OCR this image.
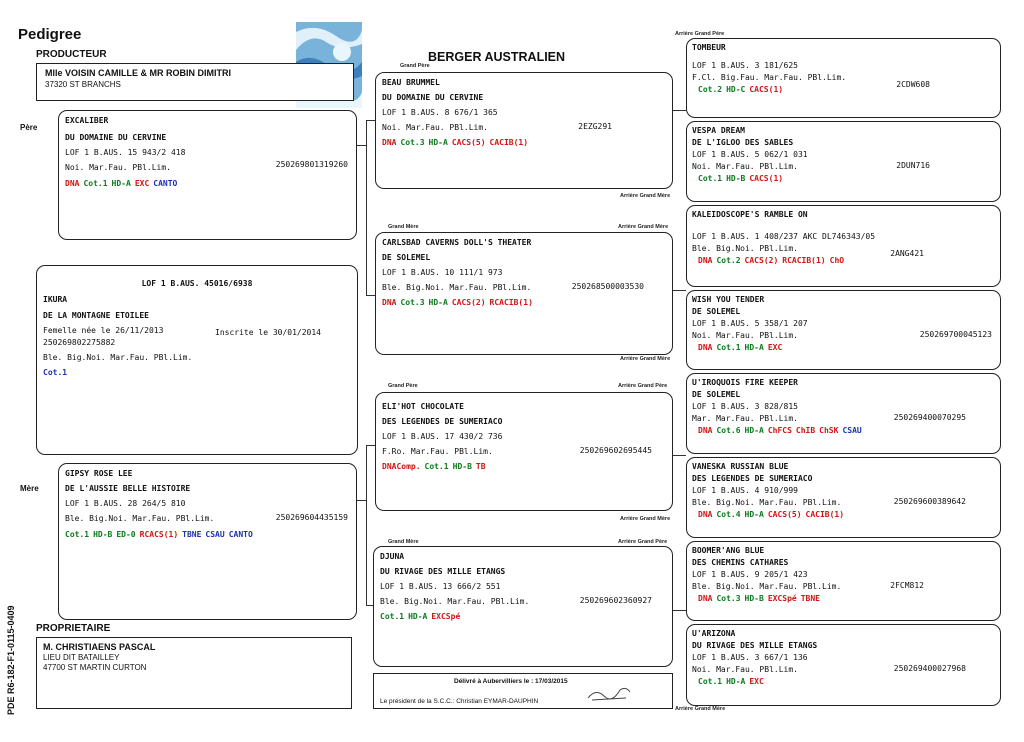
Pedigree
PRODUCTEUR	BERGER AUSTRALIEN
Mlle VOISIN CAMILLE & MR ROBIN DIMITRI
37320 ST BRANCHS
Père
Mère
PDE R6-182-F1-0115-0409
EXCALIBER
DU DOMAINE DU CERVINE
LOF 1 B.AUS. 15 943/2 418
Noi. Mar.Fau. PBl.Lim.	250269801319260
DNA Cot.1 HD-A EXC CANTO
LOF 1 B.AUS. 45016/6938
IKURA
DE LA MONTAGNE ETOILEE
Femelle née le 26/11/2013	Inscrite le 30/01/2014
250269802275882
Ble. Big.Noi. Mar.Fau. PBl.Lim.
Cot.1
GIPSY ROSE LEE
DE L'AUSSIE BELLE HISTOIRE
LOF 1 B.AUS. 28 264/5 810
Ble. Big.Noi. Mar.Fau. PBl.Lim.	250269604435159
Cot.1 HD-B ED-0 RCACS(1) TBNE CSAU CANTO
PROPRIETAIRE
M. CHRISTIAENS PASCAL
LIEU DIT BATAILLEY
47700 ST MARTIN CURTON
Grand Père
BEAU BRUMMEL
DU DOMAINE DU CERVINE
LOF 1 B.AUS. 8 676/1 365
Noi. Mar.Fau. PBl.Lim.	2EZG291
DNA Cot.3 HD-A CACS(5) CACIB(1)
Grand Mère	Arrière Grand Mère
CARLSBAD CAVERNS DOLL'S THEATER
DE SOLEMEL
LOF 1 B.AUS. 10 111/1 973
Ble. Big.Noi. Mar.Fau. PBl.Lim.	250268500003530
DNA Cot.3 HD-A CACS(2) RCACIB(1)
Grand Père	Arrière Grand Père
ELI'HOT CHOCOLATE
DES LEGENDES DE SUMERIACO
LOF 1 B.AUS. 17 430/2 736
F.Ro. Mar.Fau. PBl.Lim.	250269602695445
DNAComp. Cot.1 HD-B TB
Grand Mère	Arrière Grand Père
DJUNA
DU RIVAGE DES MILLE ETANGS
LOF 1 B.AUS. 13 666/2 551
Ble. Big.Noi. Mar.Fau. PBl.Lim.	250269602360927
Cot.1 HD-A EXCSpé
Délivré à Aubervilliers le : 17/03/2015
Le président de la S.C.C.: Christian EYMAR-DAUPHIN
Arrière Grand Père
Arrière Grand Mère
Arrière Grand Mère
Arrière Grand Mère
Arrière Grand Mère
TOMBEUR
LOF 1 B.AUS. 3 181/625
F.Cl. Big.Fau. Mar.Fau. PBl.Lim.
2CDW608
Cot.2 HD-C CACS(1)
VESPA DREAM
DE L'IGLOO DES SABLES
LOF 1 B.AUS. 5 062/1 031
Noi. Mar.Fau. PBl.Lim.	2DUN716
Cot.1 HD-B CACS(1)
KALEIDOSCOPE'S RAMBLE ON
LOF 1 B.AUS. 1 408/237 AKC DL746343/05
Ble. Big.Noi. PBl.Lim.
2ANG421
DNA Cot.2 CACS(2) RCACIB(1) ChO
WISH YOU TENDER
DE SOLEMEL
LOF 1 B.AUS. 5 358/1 207
Noi. Mar.Fau. PBl.Lim.	250269700045123
DNA Cot.1 HD-A EXC
U'IROQUOIS FIRE KEEPER
DE SOLEMEL
LOF 1 B.AUS. 3 828/815
Mar. Mar.Fau. PBl.Lim.	250269400070295
DNA Cot.6 HD-A ChFCS ChIB ChSK CSAU
VANESKA RUSSIAN BLUE
DES LEGENDES DE SUMERIACO
LOF 1 B.AUS. 4 910/999
Ble. Big.Noi. Mar.Fau. PBl.Lim.	250269600389642
DNA Cot.4 HD-A CACS(5) CACIB(1)
BOOMER'ANG BLUE
DES CHEMINS CATHARES
LOF 1 B.AUS. 9 205/1 423
Ble. Big.Noi. Mar.Fau. PBl.Lim.	2FCM812
DNA Cot.3 HD-B EXCSpé TBNE
U'ARIZONA
DU RIVAGE DES MILLE ETANGS
LOF 1 B.AUS. 3 667/1 136
Noi. Mar.Fau. PBl.Lim.	250269400027968
Cot.1 HD-A EXC
